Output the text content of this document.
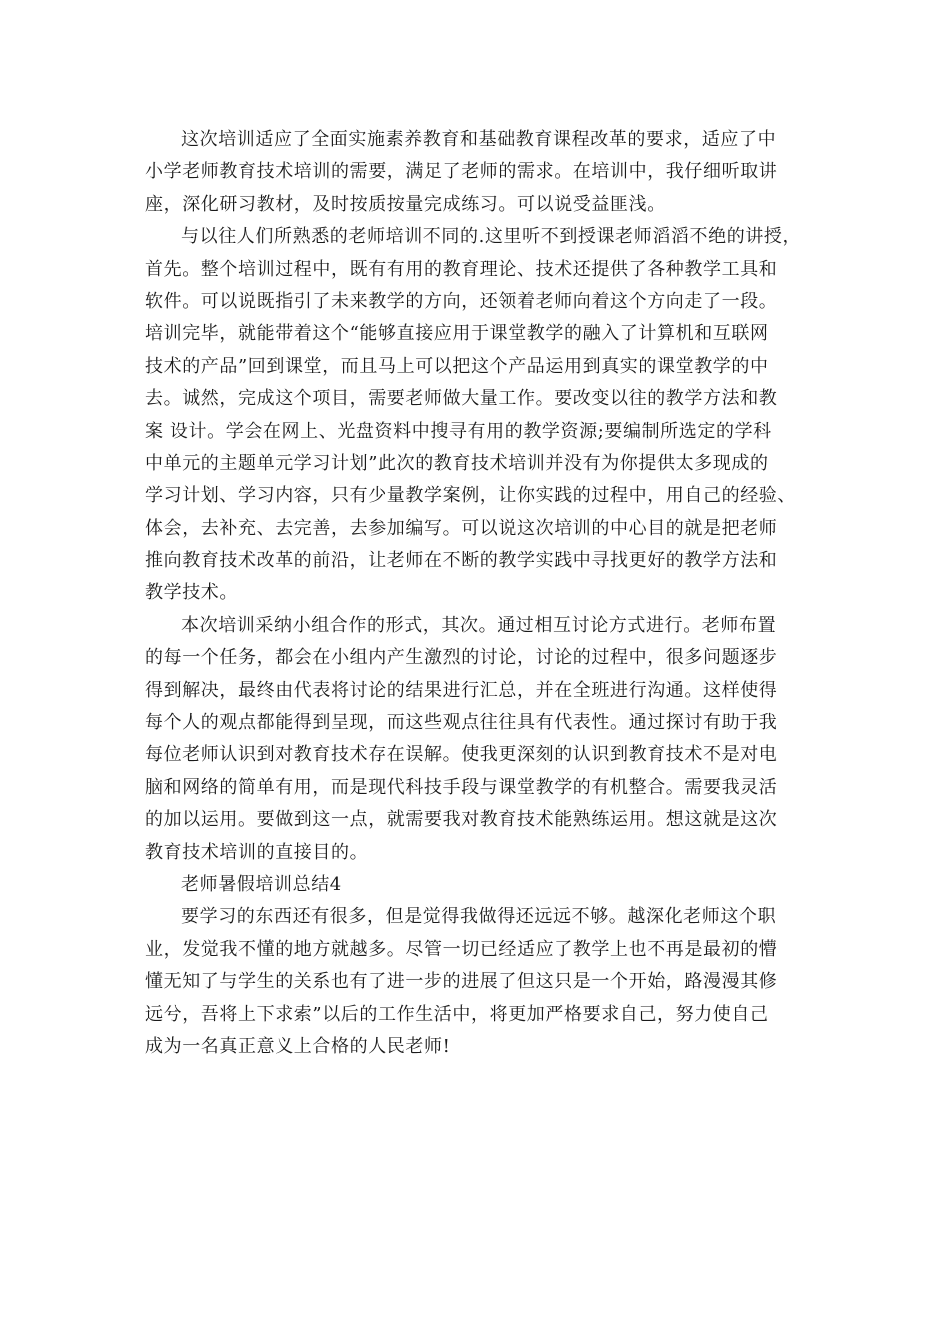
这次培训适应了全面实施素养教育和基础教育课程改革的要求，适应了中
小学老师教育技术培训的需要，满足了老师的需求。在培训中，我仔细听取讲
座，深化研习教材，及时按质按量完成练习。可以说受益匪浅。
与以往人们所熟悉的老师培训不同的.这里听不到授课老师滔滔不绝的讲授，
首先。整个培训过程中，既有有用的教育理论、技术还提供了各种教学工具和
软件。可以说既指引了未来教学的方向，还领着老师向着这个方向走了一段。
培训完毕，就能带着这个“能够直接应用于课堂教学的融入了计算机和互联网
技术的产品”回到课堂，而且马上可以把这个产品运用到真实的课堂教学的中
去。诚然，完成这个项目，需要老师做大量工作。要改变以往的教学方法和教
案 设计。学会在网上、光盘资料中搜寻有用的教学资源;要编制所选定的学科
中单元的主题单元学习计划”此次的教育技术培训并没有为你提供太多现成的
学习计划、学习内容，只有少量教学案例，让你实践的过程中，用自己的经验、
体会，去补充、去完善，去参加编写。可以说这次培训的中心目的就是把老师
推向教育技术改革的前沿，让老师在不断的教学实践中寻找更好的教学方法和
教学技术。
本次培训采纳小组合作的形式，其次。通过相互讨论方式进行。老师布置
的每一个任务，都会在小组内产生激烈的讨论，讨论的过程中，很多问题逐步
得到解决，最终由代表将讨论的结果进行汇总，并在全班进行沟通。这样使得
每个人的观点都能得到呈现，而这些观点往往具有代表性。通过探讨有助于我
每位老师认识到对教育技术存在误解。使我更深刻的认识到教育技术不是对电
脑和网络的简单有用，而是现代科技手段与课堂教学的有机整合。需要我灵活
的加以运用。要做到这一点，就需要我对教育技术能熟练运用。想这就是这次
教育技术培训的直接目的。
老师暑假培训总结4
要学习的东西还有很多，但是觉得我做得还远远不够。越深化老师这个职
业，发觉我不懂的地方就越多。尽管一切已经适应了教学上也不再是最初的懵
懂无知了与学生的关系也有了进一步的进展了但这只是一个开始，路漫漫其修
远兮，吾将上下求索”以后的工作生活中，将更加严格要求自己，努力使自己
成为一名真正意义上合格的人民老师!
